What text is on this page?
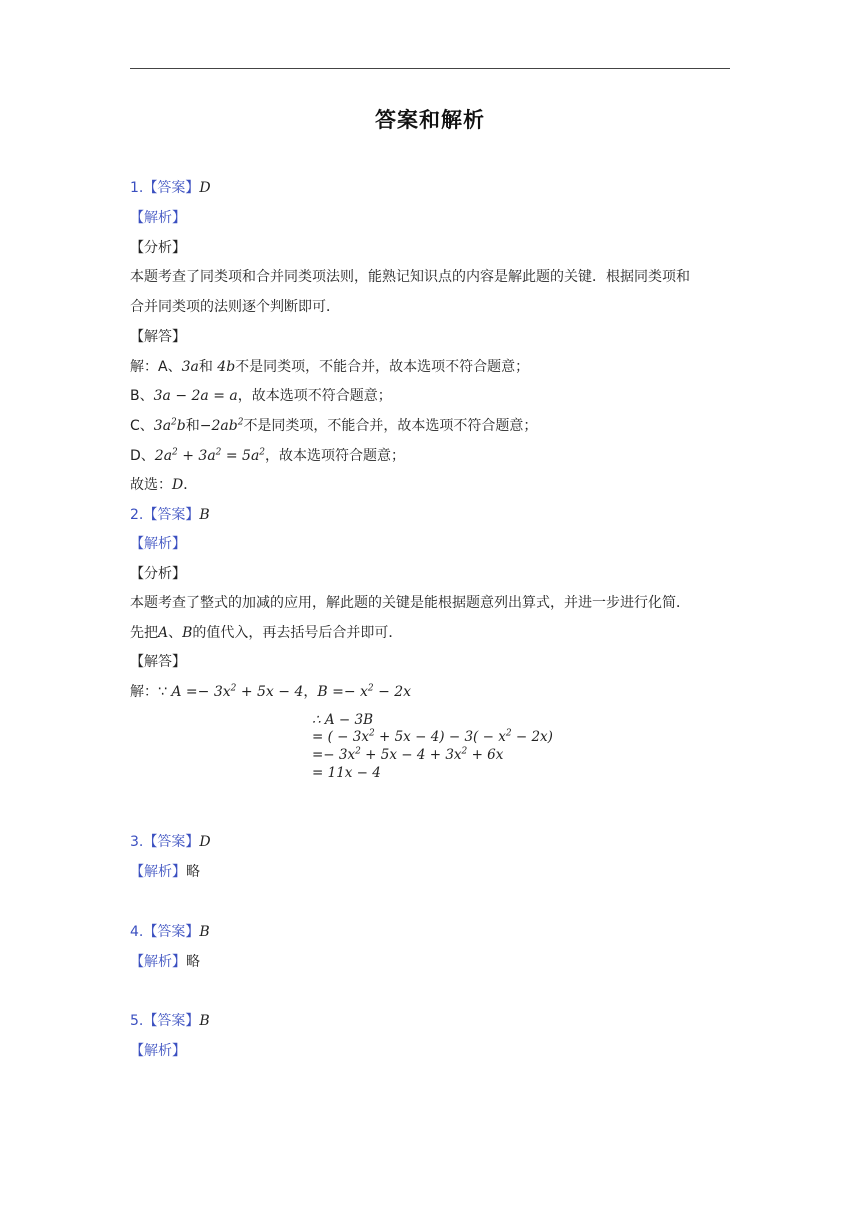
答案和解析
1.【答案】D
【解析】
【分析】
本题考查了同类项和合并同类项法则，能熟记知识点的内容是解此题的关键．根据同类项和
合并同类项的法则逐个判断即可．
【解答】
解：A、3a和 4b不是同类项，不能合并，故本选项不符合题意；
B、3a − 2a = a，故本选项不符合题意；
C、$3a^2b$和$-2ab^2$不是同类项，不能合并，故本选项不符合题意；
D、$2a^2 + 3a^2 = 5a^2$，故本选项符合题意；
故选：D．
2.【答案】B
【解析】
【分析】
本题考查了整式的加减的应用，解此题的关键是能根据题意列出算式，并进一步进行化简．
先把A、B的值代入，再去括号后合并即可．
【解答】
解：∵ $A =- 3x^2 + 5x - 4$，$B =- x^2 - 2x$
∴ A − 3B
= ( − $3x^2 + 5x - 4) - 3( - x^2 - 2x)$
=− $3x^2 + 5x - 4 + 3x^2 + 6x$
= 11x − 4
3.【答案】D
【解析】略
4.【答案】B
【解析】略
5.【答案】B
【解析】
